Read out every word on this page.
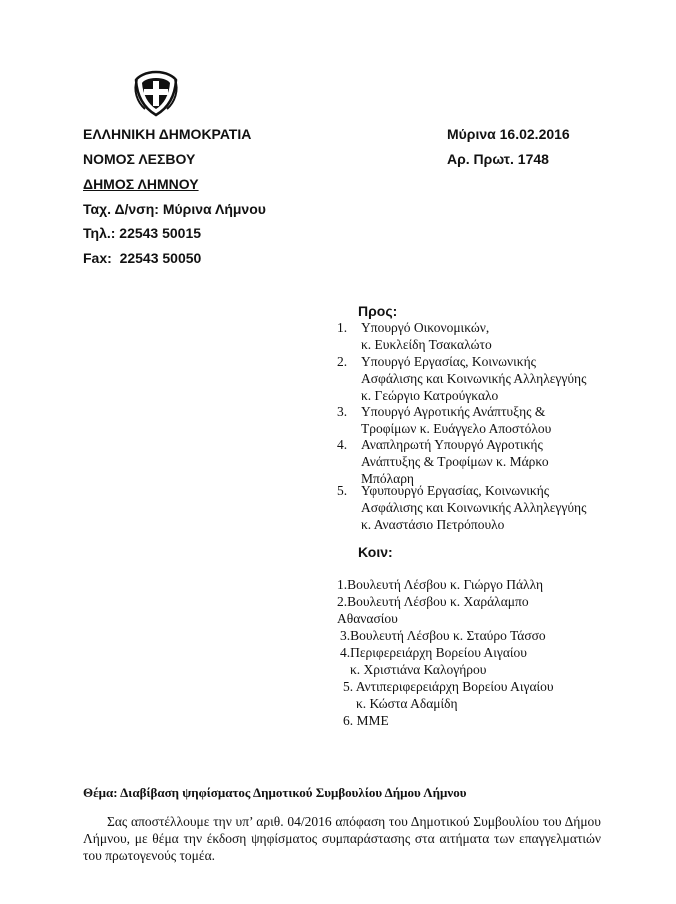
ΕΛΛΗΝΙΚΗ ΔΗΜΟΚΡΑΤΙΑ
ΝΟΜΟΣ ΛΕΣΒΟΥ
ΔΗΜΟΣ ΛΗΜΝΟΥ
Ταχ. Δ/νση: Μύρινα Λήμνου
Τηλ.: 22543 50015
Fax:  22543 50050
Μύρινα 16.02.2016
Αρ. Πρωτ. 1748
Προς:
1. Υπουργό Οικονομικών,
κ. Ευκλείδη Τσακαλώτο
2. Υπουργό Εργασίας, Κοινωνικής
Ασφάλισης και Κοινωνικής Αλληλεγγύης
κ. Γεώργιο Κατρούγκαλο
3. Υπουργό Αγροτικής Ανάπτυξης &
Τροφίμων κ. Ευάγγελο Αποστόλου
4. Αναπληρωτή Υπουργό Αγροτικής
Ανάπτυξης & Τροφίμων κ. Μάρκο
Μπόλαρη
5. Υφυπουργό Εργασίας, Κοινωνικής
Ασφάλισης και Κοινωνικής Αλληλεγγύης
κ. Αναστάσιο Πετρόπουλο
Κοιν:
1.Βουλευτή Λέσβου κ. Γιώργο Πάλλη
2.Βουλευτή Λέσβου κ. Χαράλαμπο
Αθανασίου
3.Βουλευτή Λέσβου κ. Σταύρο Τάσσο
4.Περιφερειάρχη Βορείου Αιγαίου
κ. Χριστιάνα Καλογήρου
5. Αντιπεριφερειάρχη Βορείου Αιγαίου
κ. Κώστα Αδαμίδη
6. ΜΜΕ
Θέμα: Διαβίβαση ψηφίσματος Δημοτικού Συμβουλίου Δήμου Λήμνου
Σας αποστέλλουμε την υπ’ αριθ. 04/2016 απόφαση του Δημοτικού Συμβουλίου του Δήμου Λήμνου, με θέμα την έκδοση ψηφίσματος συμπαράστασης στα αιτήματα των επαγγελματιών του πρωτογενούς τομέα.
